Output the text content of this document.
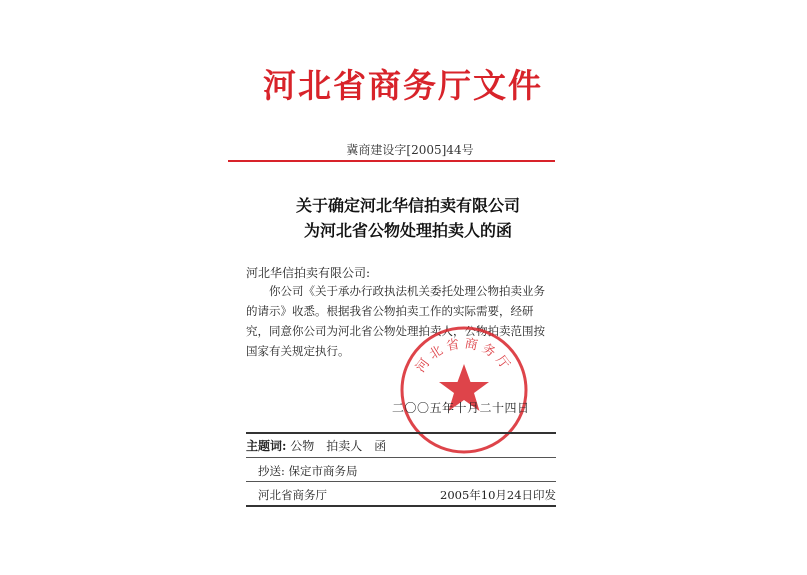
河北省商务厅文件
冀商建设字[2005]44号
关于确定河北华信拍卖有限公司
为河北省公物处理拍卖人的函
河北华信拍卖有限公司:

你公司《关于承办行政执法机关委托处理公物拍卖业务的请示》收悉。根据我省公物拍卖工作的实际需要，经研究，同意你公司为河北省公物处理拍卖人，公物拍卖范围按国家有关规定执行。

河北省商务厅
二〇〇五年十月二十四日
主题词: 公物　拍卖人　函
抄送: 保定市商务局
河北省商务厅	2005年10月24日印发
